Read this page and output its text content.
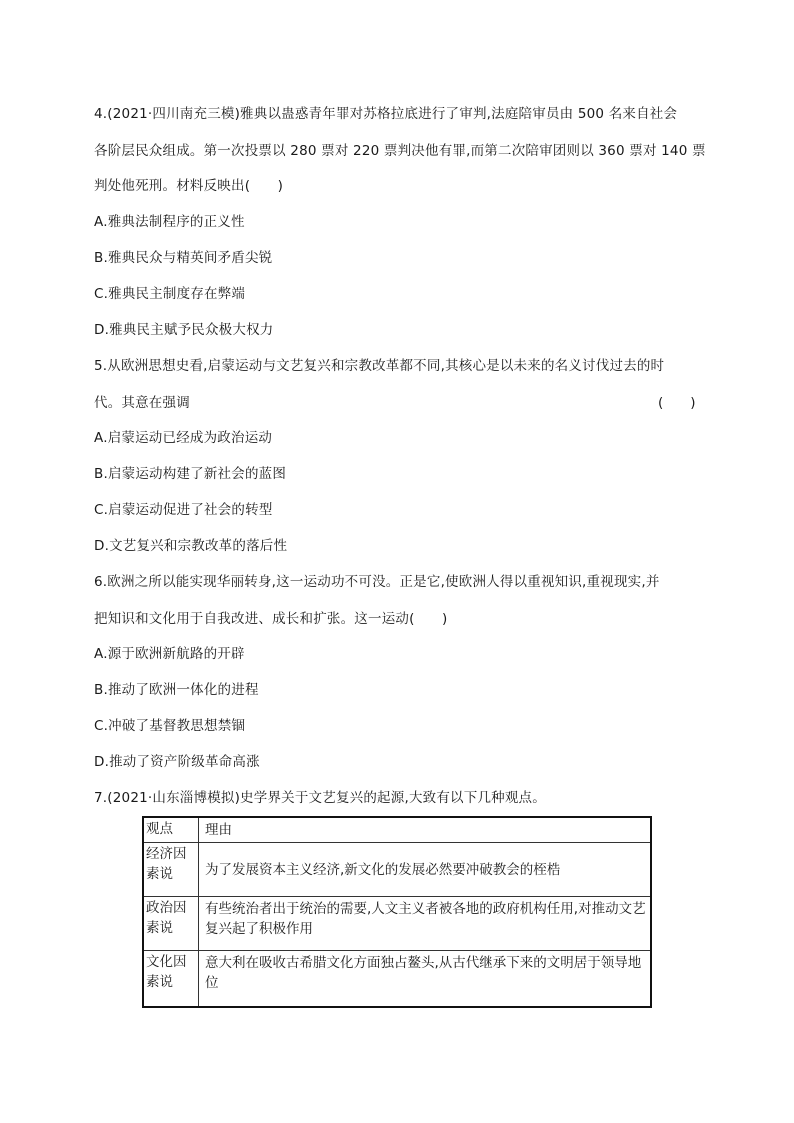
4.(2021·四川南充三模)雅典以蛊惑青年罪对苏格拉底进行了审判,法庭陪审员由 500 名来自社会
各阶层民众组成。第一次投票以 280 票对 220 票判决他有罪,而第二次陪审团则以 360 票对 140 票
判处他死刑。材料反映出(　　)
A.雅典法制程序的正义性
B.雅典民众与精英间矛盾尖锐
C.雅典民主制度存在弊端
D.雅典民主赋予民众极大权力
5.从欧洲思想史看,启蒙运动与文艺复兴和宗教改革都不同,其核心是以未来的名义讨伐过去的时
代。其意在强调	(　　)
A.启蒙运动已经成为政治运动
B.启蒙运动构建了新社会的蓝图
C.启蒙运动促进了社会的转型
D.文艺复兴和宗教改革的落后性
6.欧洲之所以能实现华丽转身,这一运动功不可没。正是它,使欧洲人得以重视知识,重视现实,并
把知识和文化用于自我改进、成长和扩张。这一运动(　　)
A.源于欧洲新航路的开辟
B.推动了欧洲一体化的进程
C.冲破了基督教思想禁锢
D.推动了资产阶级革命高涨
7.(2021·山东淄博模拟)史学界关于文艺复兴的起源,大致有以下几种观点。
观点	理由
经济因素说	为了发展资本主义经济,新文化的发展必然要冲破教会的桎梏
政治因素说	有些统治者出于统治的需要,人文主义者被各地的政府机构任用,对推动文艺复兴起了积极作用
文化因素说	意大利在吸收古希腊文化方面独占鳌头,从古代继承下来的文明居于领导地位
